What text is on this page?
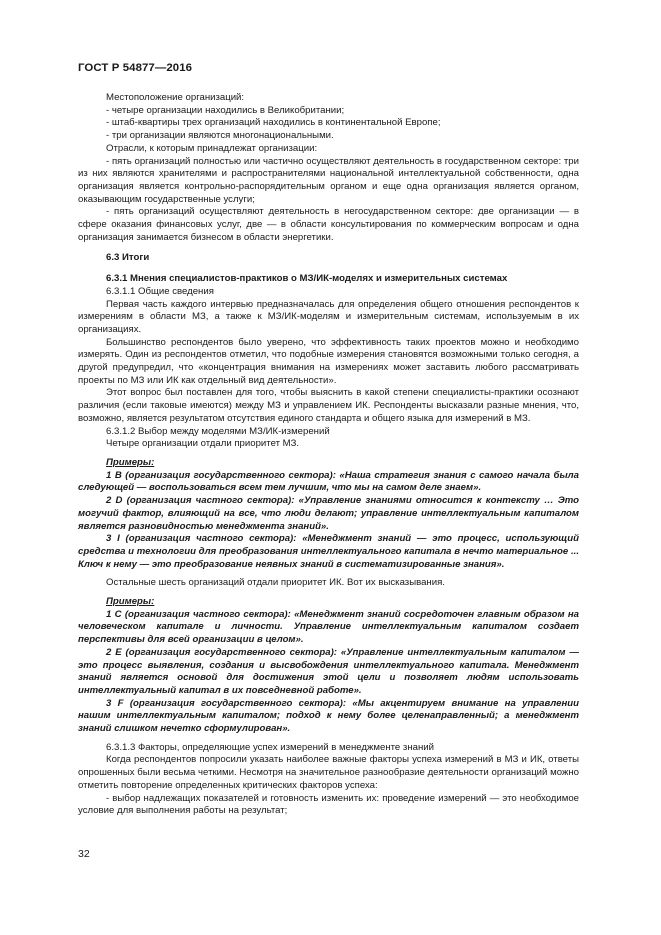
ГОСТ Р 54877—2016

Местоположение организаций:

- четыре организации находились в Великобритании;

- штаб-квартиры трех организаций находились в континентальной Европе;

- три организации являются многонациональными.

Отрасли, к которым принадлежат организации:

- пять организаций полностью или частично осуществляют деятельность в государственном секторе: три из них являются хранителями и распространителями национальной интеллектуальной собственности, одна организация является контрольно-распорядительным органом и еще одна организация является органом, оказывающим государственные услуги;

- пять организаций осуществляют деятельность в негосударственном секторе: две организации — в сфере оказания финансовых услуг, две — в области консультирования по коммерческим вопросам и одна организация занимается бизнесом в области энергетики.

6.3 Итоги

6.3.1 Мнения специалистов-практиков о МЗ/ИК-моделях и измерительных системах

6.3.1.1 Общие сведения

Первая часть каждого интервью предназначалась для определения общего отношения респондентов к измерениям в области МЗ, а также к МЗ/ИК-моделям и измерительным системам, используемым в их организациях.

Большинство респондентов было уверено, что эффективность таких проектов можно и необходимо измерять. Один из респондентов отметил, что подобные измерения становятся возможными только сегодня, а другой предупредил, что «концентрация внимания на измерениях может заставить любого рассматривать проекты по МЗ или ИК как отдельный вид деятельности».

Этот вопрос был поставлен для того, чтобы выяснить в какой степени специалисты-практики осознают различия (если таковые имеются) между МЗ и управлением ИК. Респонденты высказали разные мнения, что, возможно, является результатом отсутствия единого стандарта и общего языка для измерений в МЗ.

6.3.1.2 Выбор между моделями МЗ/ИК-измерений

Четыре организации отдали приоритет МЗ.

Примеры:

1 В (организация государственного сектора): «Наша стратегия знания с самого начала была следующей — воспользоваться всем тем лучшим, что мы на самом деле знаем».

2 D (организация частного сектора): «Управление знаниями относится к контексту … Это могучий фактор, влияющий на все, что люди делают; управление интеллектуальным капиталом является разновидностью менеджмента знаний».

3 I (организация частного сектора): «Менеджмент знаний — это процесс, использующий средства и технологии для преобразования интеллектуального капитала в нечто материальное ... Ключ к нему — это преобразование неявных знаний в систематизированные знания».

Остальные шесть организаций отдали приоритет ИК. Вот их высказывания.

Примеры:

1 С (организация частного сектора): «Менеджмент знаний сосредоточен главным образом на человеческом капитале и личности. Управление интеллектуальным капиталом создает перспективы для всей организации в целом».

2 Е (организация государственного сектора): «Управление интеллектуальным капиталом — это процесс выявления, создания и высвобождения интеллектуального капитала. Менеджмент знаний является основой для достижения этой цели и позволяет людям использовать интеллектуальный капитал в их повседневной работе».

3 F (организация государственного сектора): «Мы акцентируем внимание на управлении нашим интеллектуальным капиталом; подход к нему более целенаправленный; а менеджмент знаний слишком нечетко сформулирован».

6.3.1.3 Факторы, определяющие успех измерений в менеджменте знаний

Когда респондентов попросили указать наиболее важные факторы успеха измерений в МЗ и ИК, ответы опрошенных были весьма четкими. Несмотря на значительное разнообразие деятельности организаций можно отметить повторение определенных критических факторов успеха:

- выбор надлежащих показателей и готовность изменить их: проведение измерений — это необходимое условие для выполнения работы на результат;

32
